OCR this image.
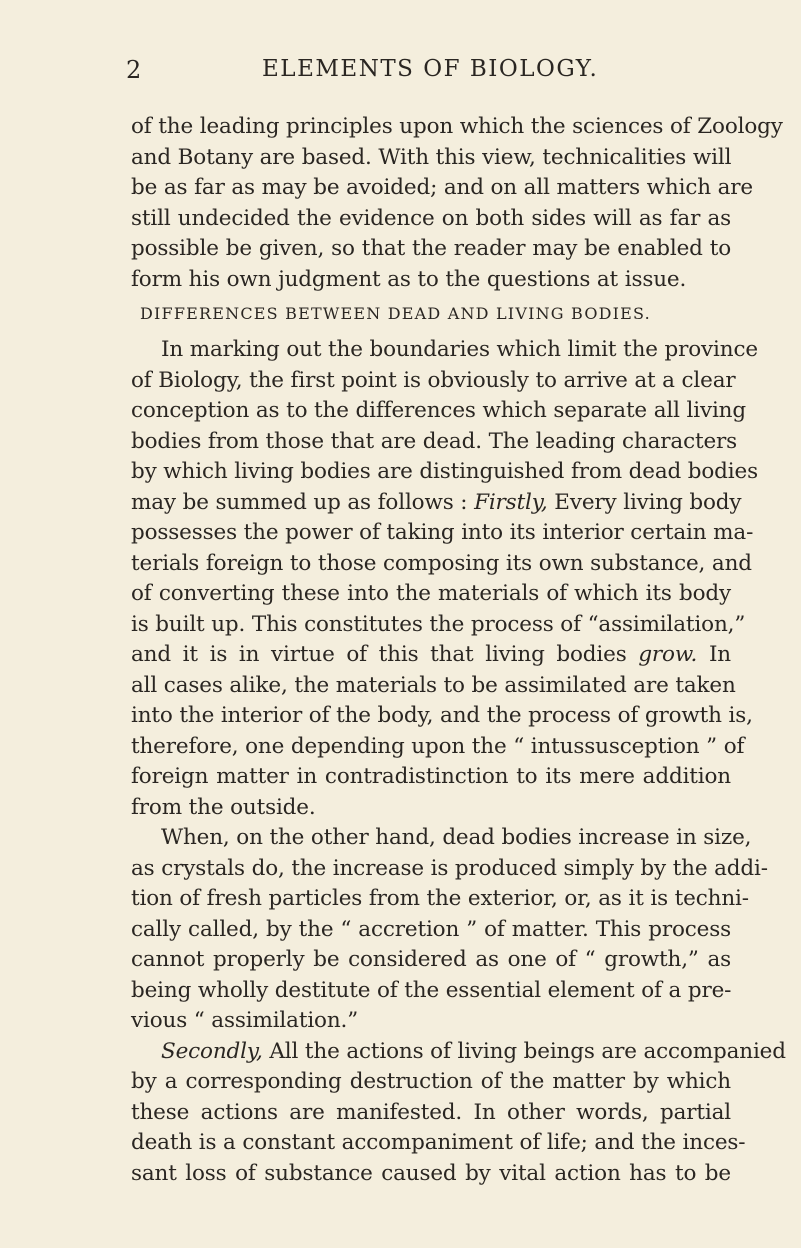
2	ELEMENTS OF BIOLOGY.
of the leading principles upon which the sciences of Zoology
and Botany are based. With this view, technicalities will
be as far as may be avoided; and on all matters which are
still undecided the evidence on both sides will as far as
possible be given, so that the reader may be enabled to
form his own judgment as to the questions at issue.
DIFFERENCES BETWEEN DEAD AND LIVING BODIES.
In marking out the boundaries which limit the province
of Biology, the first point is obviously to arrive at a clear
conception as to the differences which separate all living
bodies from those that are dead. The leading characters
by which living bodies are distinguished from dead bodies
may be summed up as follows : Firstly, Every living body
possesses the power of taking into its interior certain ma-
terials foreign to those composing its own substance, and
of converting these into the materials of which its body
is built up. This constitutes the process of “assimilation,”
and it is in virtue of this that living bodies grow. In
all cases alike, the materials to be assimilated are taken
into the interior of the body, and the process of growth is,
therefore, one depending upon the “ intussusception ” of
foreign matter in contradistinction to its mere addition
from the outside.
When, on the other hand, dead bodies increase in size,
as crystals do, the increase is produced simply by the addi-
tion of fresh particles from the exterior, or, as it is techni-
cally called, by the “ accretion ” of matter. This process
cannot properly be considered as one of “ growth,” as
being wholly destitute of the essential element of a pre-
vious “ assimilation.”
Secondly, All the actions of living beings are accompanied
by a corresponding destruction of the matter by which
these actions are manifested. In other words, partial
death is a constant accompaniment of life; and the inces-
sant loss of substance caused by vital action has to be
